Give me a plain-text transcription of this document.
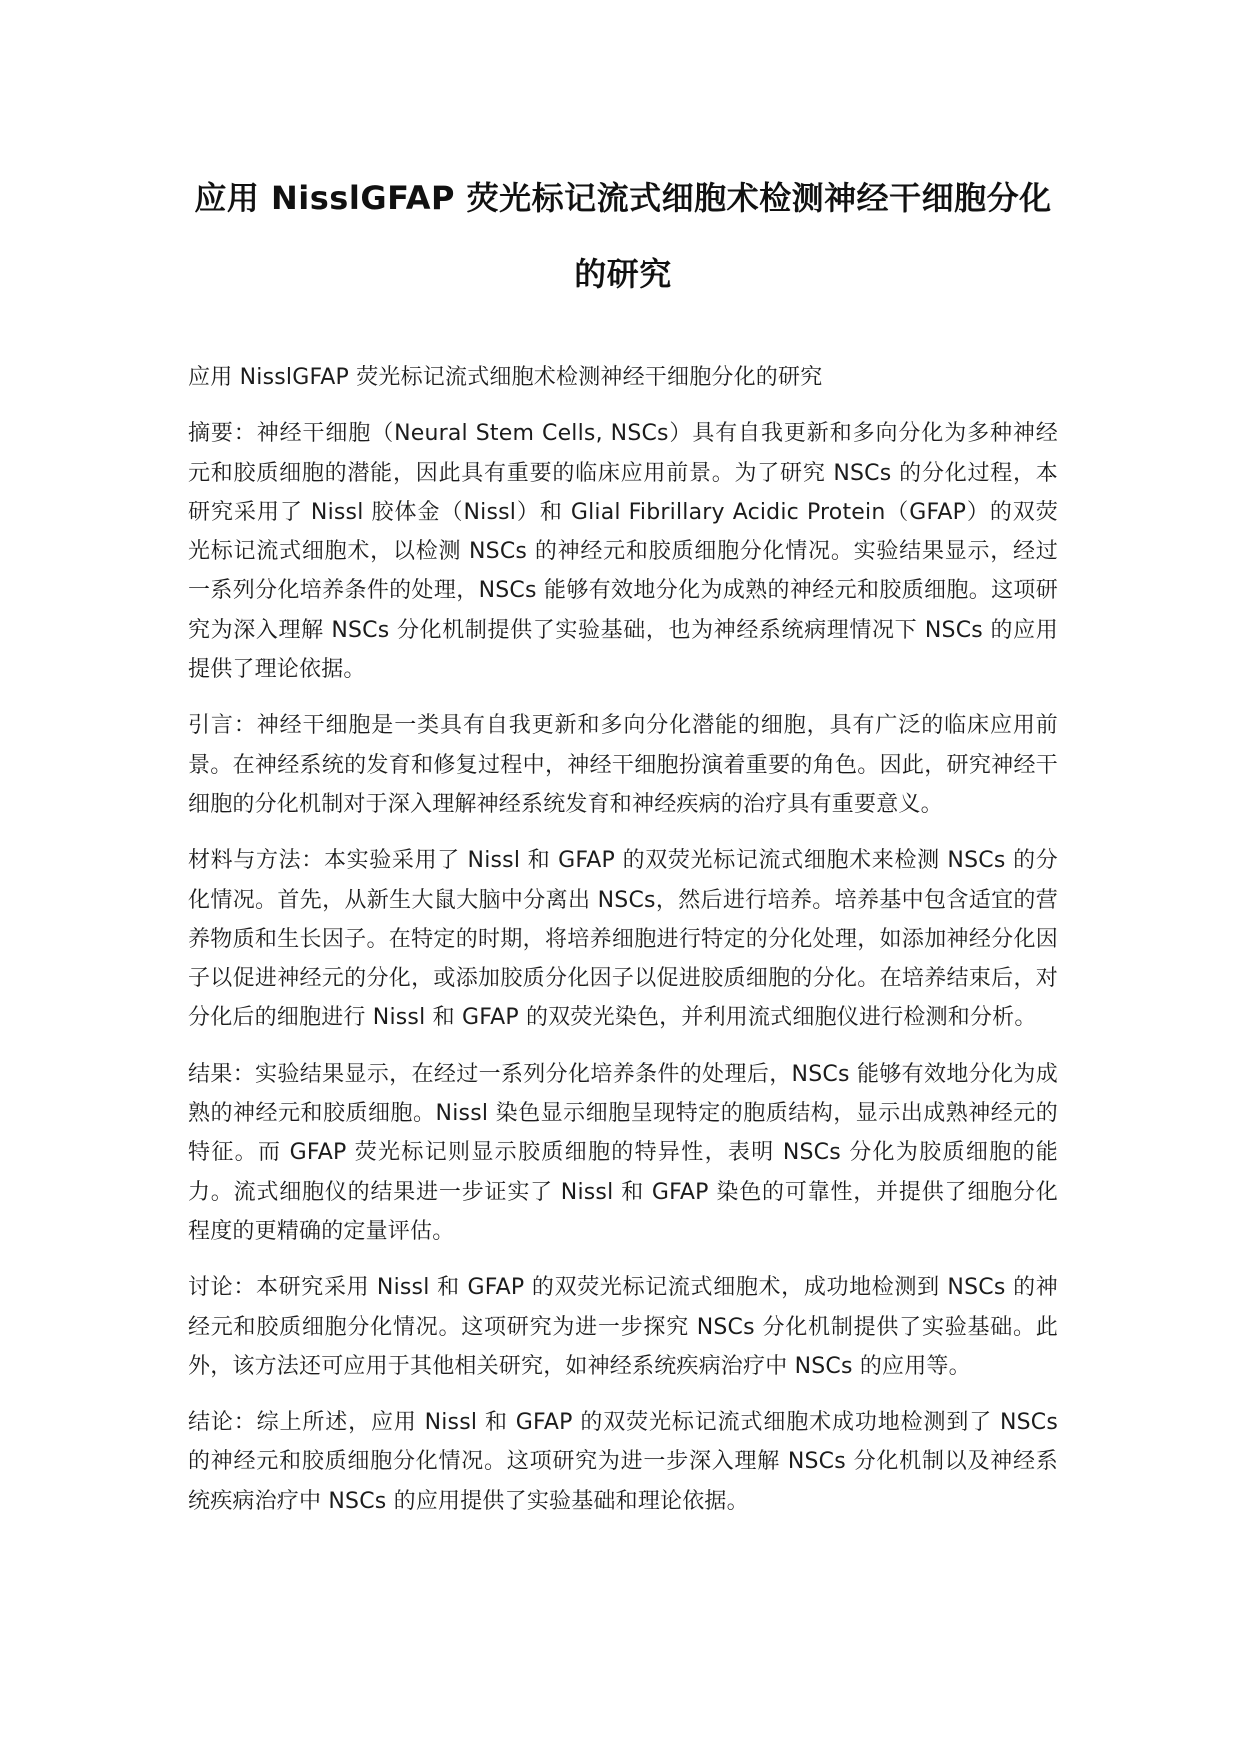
应用 NisslGFAP 荧光标记流式细胞术检测神经干细胞分化的研究

应用 NisslGFAP 荧光标记流式细胞术检测神经干细胞分化的研究

摘要：神经干细胞（Neural Stem Cells, NSCs）具有自我更新和多向分化为多种神经元和胶质细胞的潜能，因此具有重要的临床应用前景。为了研究 NSCs 的分化过程，本研究采用了 Nissl 胶体金（Nissl）和 Glial Fibrillary Acidic Protein（GFAP）的双荧光标记流式细胞术，以检测 NSCs 的神经元和胶质细胞分化情况。实验结果显示，经过一系列分化培养条件的处理，NSCs 能够有效地分化为成熟的神经元和胶质细胞。这项研究为深入理解 NSCs 分化机制提供了实验基础，也为神经系统病理情况下 NSCs 的应用提供了理论依据。

引言：神经干细胞是一类具有自我更新和多向分化潜能的细胞，具有广泛的临床应用前景。在神经系统的发育和修复过程中，神经干细胞扮演着重要的角色。因此，研究神经干细胞的分化机制对于深入理解神经系统发育和神经疾病的治疗具有重要意义。

材料与方法：本实验采用了 Nissl 和 GFAP 的双荧光标记流式细胞术来检测 NSCs 的分化情况。首先，从新生大鼠大脑中分离出 NSCs，然后进行培养。培养基中包含适宜的营养物质和生长因子。在特定的时期，将培养细胞进行特定的分化处理，如添加神经分化因子以促进神经元的分化，或添加胶质分化因子以促进胶质细胞的分化。在培养结束后，对分化后的细胞进行 Nissl 和 GFAP 的双荧光染色，并利用流式细胞仪进行检测和分析。

结果：实验结果显示，在经过一系列分化培养条件的处理后，NSCs 能够有效地分化为成熟的神经元和胶质细胞。Nissl 染色显示细胞呈现特定的胞质结构，显示出成熟神经元的特征。而 GFAP 荧光标记则显示胶质细胞的特异性，表明 NSCs 分化为胶质细胞的能力。流式细胞仪的结果进一步证实了 Nissl 和 GFAP 染色的可靠性，并提供了细胞分化程度的更精确的定量评估。

讨论：本研究采用 Nissl 和 GFAP 的双荧光标记流式细胞术，成功地检测到 NSCs 的神经元和胶质细胞分化情况。这项研究为进一步探究 NSCs 分化机制提供了实验基础。此外，该方法还可应用于其他相关研究，如神经系统疾病治疗中 NSCs 的应用等。

结论：综上所述，应用 Nissl 和 GFAP 的双荧光标记流式细胞术成功地检测到了 NSCs 的神经元和胶质细胞分化情况。这项研究为进一步深入理解 NSCs 分化机制以及神经系统疾病治疗中 NSCs 的应用提供了实验基础和理论依据。
